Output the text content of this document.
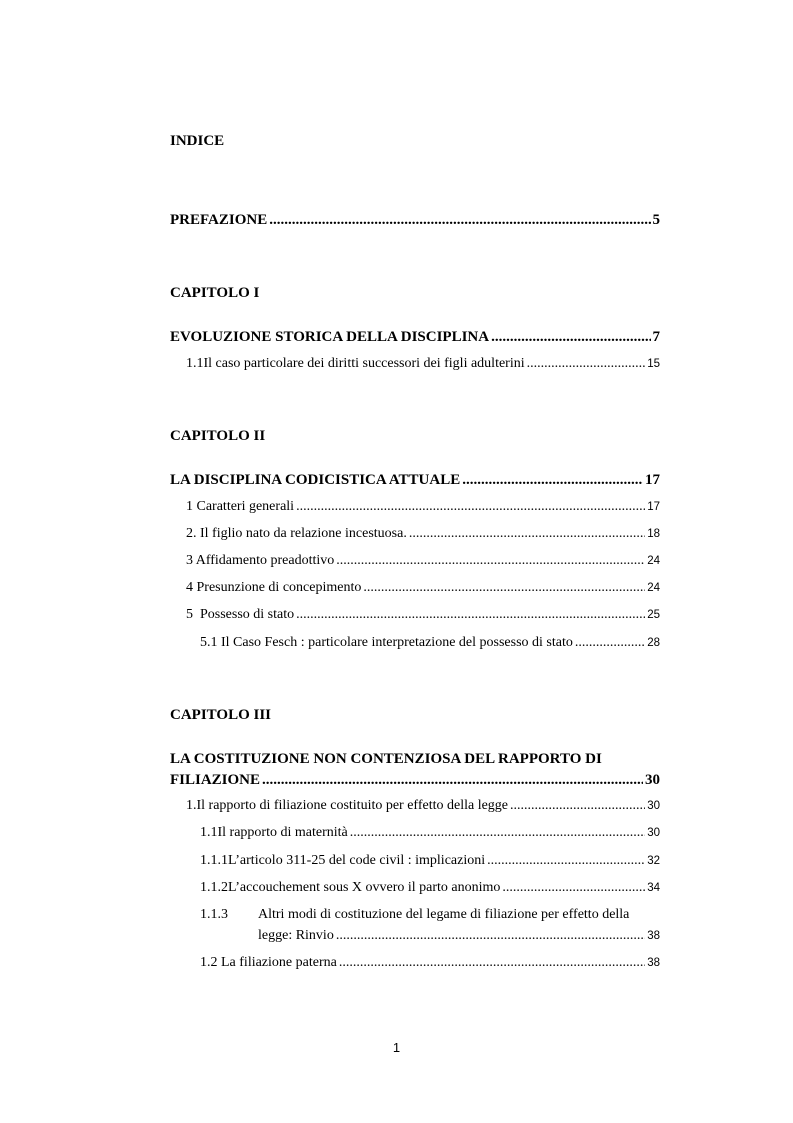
INDICE
PREFAZIONE .....	5
CAPITOLO I
EVOLUZIONE STORICA DELLA DISCIPLINA .....	7
1.1 Il caso particolare dei diritti successori dei figli adulterini .....	15
CAPITOLO II
LA DISCIPLINA CODICISTICA ATTUALE .....	17
1 Caratteri generali .....	17
2. Il figlio nato da relazione incestuosa. .....	18
3 Affidamento preadottivo .....	24
4 Presunzione di concepimento .....	24
5  Possesso di stato .....	25
5.1 Il Caso Fesch : particolare interpretazione del possesso di stato .....	28
CAPITOLO III
LA COSTITUZIONE NON CONTENZIOSA DEL RAPPORTO DI
FILIAZIONE .....	30
1. Il rapporto di filiazione costituito per effetto della legge .....	30
1.1 Il rapporto di maternità .....	30
1.1.1 L’articolo 311-25 del code civil : implicazioni .....	32
1.1.2 L’accouchement sous X ovvero il parto anonimo .....	34
1.1.3 Altri modi di costituzione del legame di filiazione per effetto della
legge: Rinvio .....	38
1.2 La filiazione paterna .....	38
1
